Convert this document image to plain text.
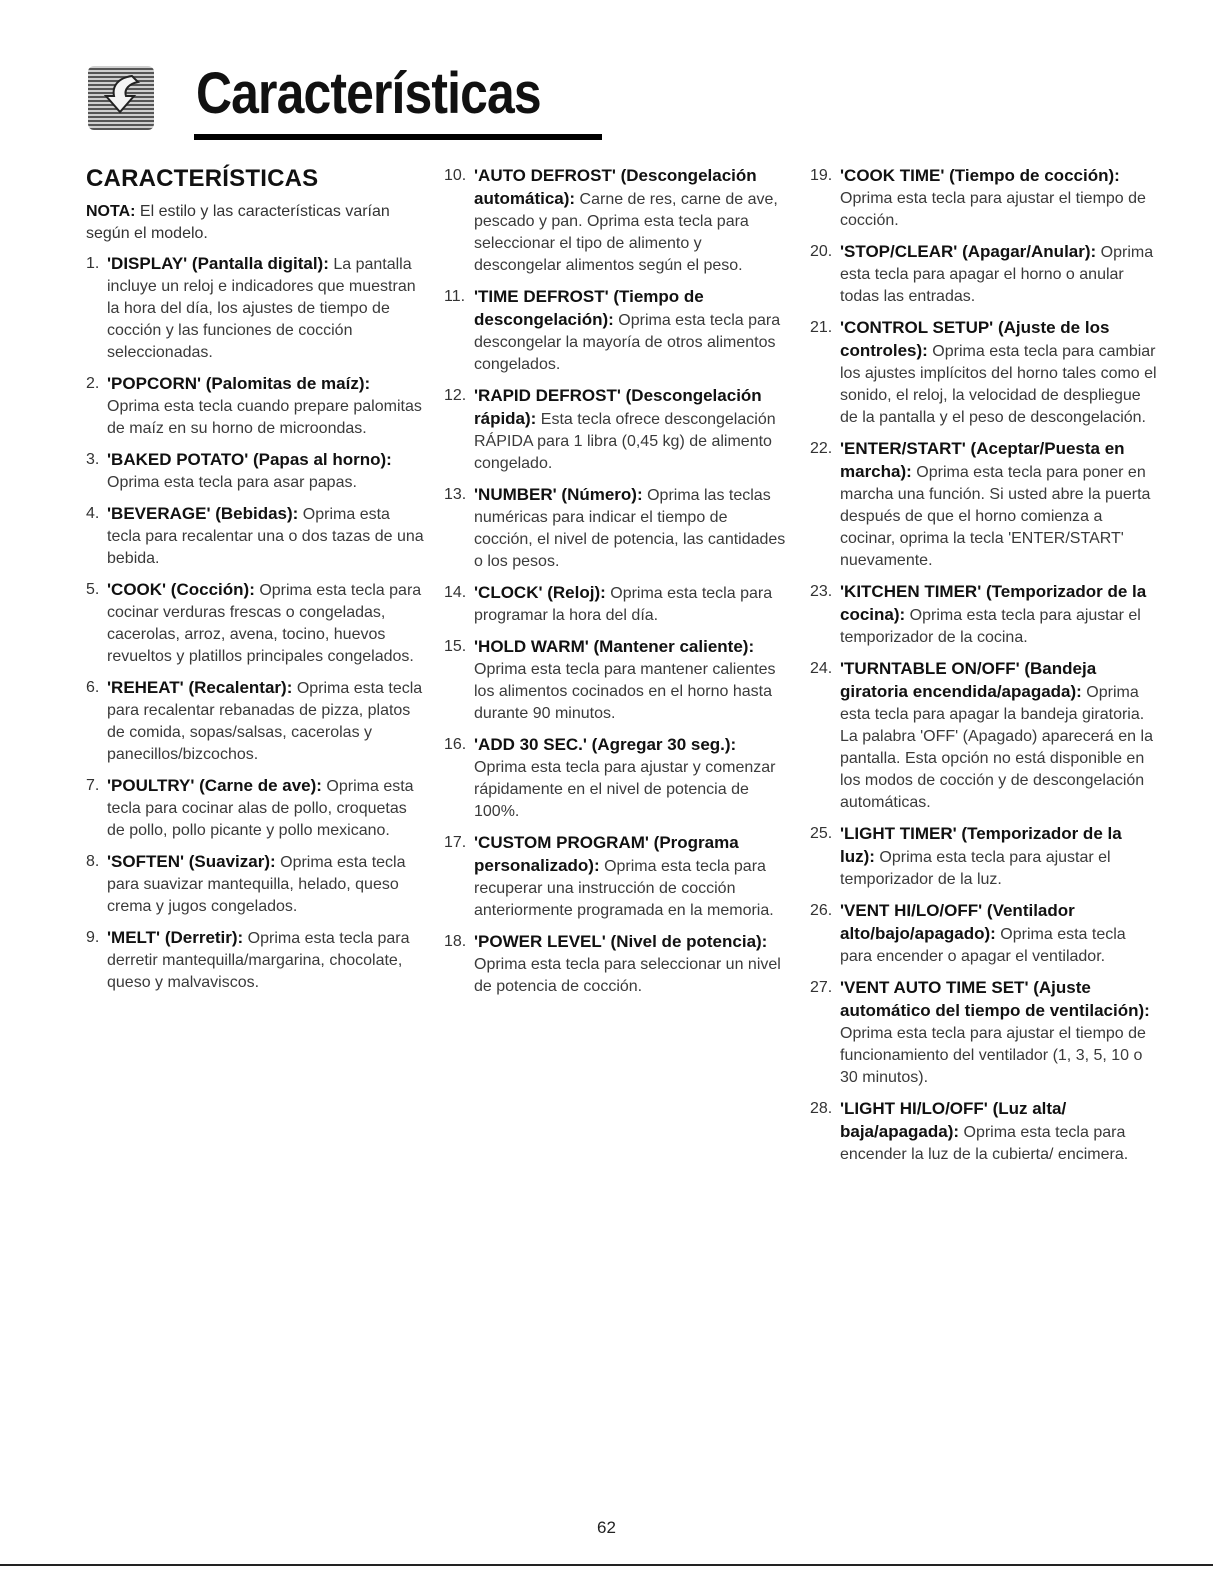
Características
CARACTERÍSTICAS

NOTA: El estilo y las características varían según el modelo.

1. 'DISPLAY' (Pantalla digital): La pantalla incluye un reloj e indicadores que muestran la hora del día, los ajustes de tiempo de cocción y las funciones de cocción seleccionadas.
2. 'POPCORN' (Palomitas de maíz): Oprima esta tecla cuando prepare palomitas de maíz en su horno de microondas.
3. 'BAKED POTATO' (Papas al horno): Oprima esta tecla para asar papas.
4. 'BEVERAGE' (Bebidas): Oprima esta tecla para recalentar una o dos tazas de una bebida.
5. 'COOK' (Cocción): Oprima esta tecla para cocinar verduras frescas o congeladas, cacerolas, arroz, avena, tocino, huevos revueltos y platillos principales congelados.
6. 'REHEAT' (Recalentar): Oprima esta tecla para recalentar rebanadas de pizza, platos de comida, sopas/salsas, cacerolas y panecillos/bizcochos.
7. 'POULTRY' (Carne de ave): Oprima esta tecla para cocinar alas de pollo, croquetas de pollo, pollo picante y pollo mexicano.
8. 'SOFTEN' (Suavizar): Oprima esta tecla para suavizar mantequilla, helado, queso crema y jugos congelados.
9. 'MELT' (Derretir): Oprima esta tecla para derretir mantequilla/margarina, chocolate, queso y malvaviscos.
10. 'AUTO DEFROST' (Descongelación automática): Carne de res, carne de ave, pescado y pan. Oprima esta tecla para seleccionar el tipo de alimento y descongelar alimentos según el peso.
11. 'TIME DEFROST' (Tiempo de descongelación): Oprima esta tecla para descongelar la mayoría de otros alimentos congelados.
12. 'RAPID DEFROST' (Descongelación rápida): Esta tecla ofrece descongelación RÁPIDA para 1 libra (0,45 kg) de alimento congelado.
13. 'NUMBER' (Número): Oprima las teclas numéricas para indicar el tiempo de cocción, el nivel de potencia, las cantidades o los pesos.
14. 'CLOCK' (Reloj): Oprima esta tecla para programar la hora del día.
15. 'HOLD WARM' (Mantener caliente): Oprima esta tecla para mantener calientes los alimentos cocinados en el horno hasta durante 90 minutos.
16. 'ADD 30 SEC.' (Agregar 30 seg.): Oprima esta tecla para ajustar y comenzar rápidamente en el nivel de potencia de 100%.
17. 'CUSTOM PROGRAM' (Programa personalizado): Oprima esta tecla para recuperar una instrucción de cocción anteriormente programada en la memoria.
18. 'POWER LEVEL' (Nivel de potencia): Oprima esta tecla para seleccionar un nivel de potencia de cocción.
19. 'COOK TIME' (Tiempo de cocción): Oprima esta tecla para ajustar el tiempo de cocción.
20. 'STOP/CLEAR' (Apagar/Anular): Oprima esta tecla para apagar el horno o anular todas las entradas.
21. 'CONTROL SETUP' (Ajuste de los controles): Oprima esta tecla para cambiar los ajustes implícitos del horno tales como el sonido, el reloj, la velocidad de despliegue de la pantalla y el peso de descongelación.
22. 'ENTER/START' (Aceptar/Puesta en marcha): Oprima esta tecla para poner en marcha una función. Si usted abre la puerta después de que el horno comienza a cocinar, oprima la tecla 'ENTER/START' nuevamente.
23. 'KITCHEN TIMER' (Temporizador de la cocina): Oprima esta tecla para ajustar el temporizador de la cocina.
24. 'TURNTABLE ON/OFF' (Bandeja giratoria encendida/apagada): Oprima esta tecla para apagar la bandeja giratoria. La palabra 'OFF' (Apagado) aparecerá en la pantalla. Esta opción no está disponible en los modos de cocción y de descongelación automáticas.
25. 'LIGHT TIMER' (Temporizador de la luz): Oprima esta tecla para ajustar el temporizador de la luz.
26. 'VENT HI/LO/OFF' (Ventilador alto/bajo/apagado): Oprima esta tecla para encender o apagar el ventilador.
27. 'VENT AUTO TIME SET' (Ajuste automático del tiempo de ventilación): Oprima esta tecla para ajustar el tiempo de funcionamiento del ventilador (1, 3, 5, 10 o 30 minutos).
28. 'LIGHT HI/LO/OFF' (Luz alta/ baja/apagada): Oprima esta tecla para encender la luz de la cubierta/ encimera.
62
